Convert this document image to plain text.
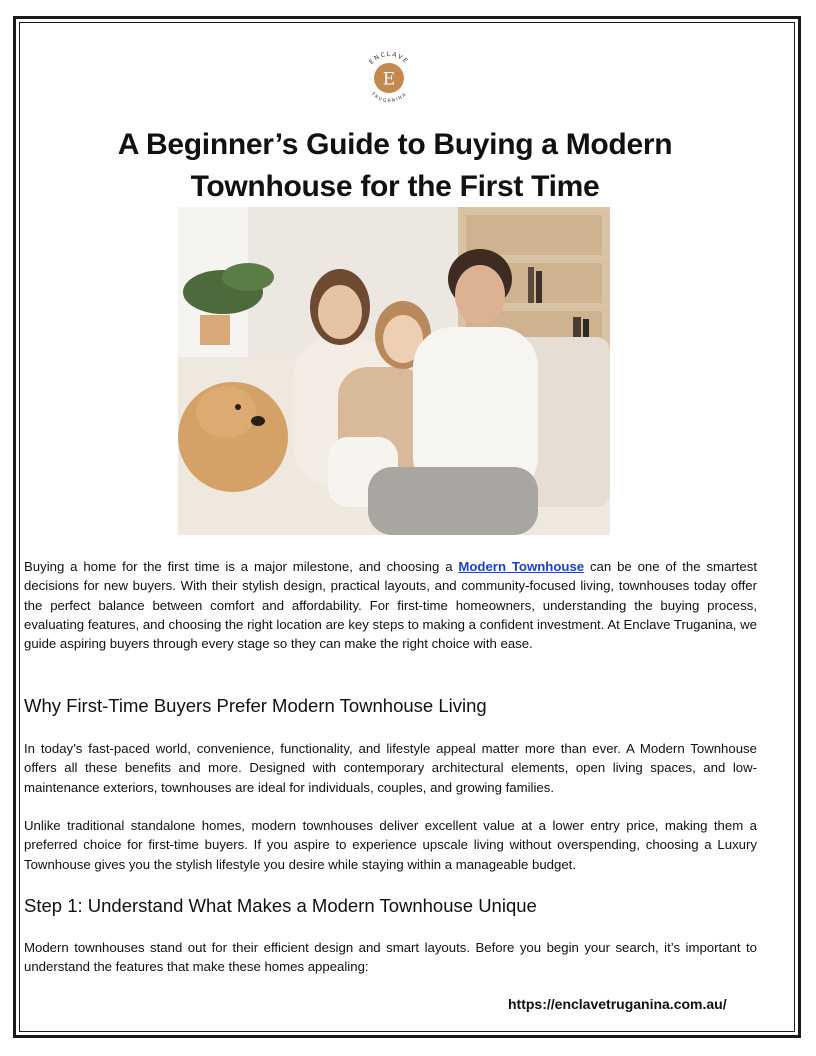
E
ENCLAVE
TRUGANINA
A Beginner’s Guide to Buying a Modern
Townhouse for the First Time

Buying a home for the first time is a major milestone, and choosing a Modern Townhouse can be one of the smartest decisions for new buyers. With their stylish design, practical layouts, and community-focused living, townhouses today offer the perfect balance between comfort and affordability. For first-time homeowners, understanding the buying process, evaluating features, and choosing the right location are key steps to making a confident investment. At Enclave Truganina, we guide aspiring buyers through every stage so they can make the right choice with ease.

Why First-Time Buyers Prefer Modern Townhouse Living

In today’s fast-paced world, convenience, functionality, and lifestyle appeal matter more than ever. A Modern Townhouse offers all these benefits and more. Designed with contemporary architectural elements, open living spaces, and low-maintenance exteriors, townhouses are ideal for individuals, couples, and growing families.

Unlike traditional standalone homes, modern townhouses deliver excellent value at a lower entry price, making them a preferred choice for first-time buyers. If you aspire to experience upscale living without overspending, choosing a Luxury Townhouse gives you the stylish lifestyle you desire while staying within a manageable budget.

Step 1: Understand What Makes a Modern Townhouse Unique

Modern townhouses stand out for their efficient design and smart layouts. Before you begin your search, it’s important to understand the features that make these homes appealing:

https://enclavetruganina.com.au/
